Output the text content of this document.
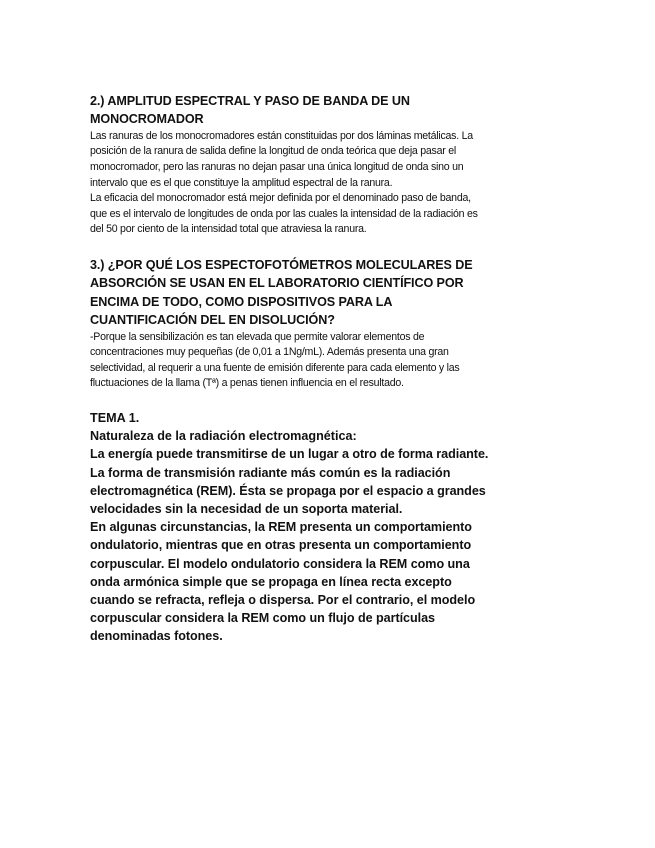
2.) AMPLITUD ESPECTRAL Y PASO DE BANDA DE UN MONOCROMADOR

Las ranuras de los monocromadores están constituidas por dos láminas metálicas. La posición de la ranura de salida define la longitud de onda teórica que deja pasar el monocromador, pero las ranuras no dejan pasar una única longitud de onda sino un intervalo que es el que constituye la amplitud espectral de la ranura.

La eficacia del monocromador está mejor definida por el denominado paso de banda, que es el intervalo de longitudes de onda por las cuales la intensidad de la radiación es del 50 por ciento de la intensidad total que atraviesa la ranura.

3.) ¿POR QUÉ LOS ESPECTOFOTÓMETROS MOLECULARES DE ABSORCIÓN SE USAN EN EL LABORATORIO CIENTÍFICO POR ENCIMA DE TODO, COMO DISPOSITIVOS PARA LA CUANTIFICACIÓN DEL EN DISOLUCIÓN?

-Porque la sensibilización es tan elevada que permite valorar elementos de concentraciones muy pequeñas (de 0,01 a 1Ng/mL). Además presenta una gran selectividad, al requerir a una fuente de emisión diferente para cada elemento y las fluctuaciones de la llama (Tª) a penas tienen influencia en el resultado.

TEMA 1.

Naturaleza de la radiación electromagnética:

La energía puede transmitirse de un lugar a otro de forma radiante. La forma de transmisión radiante más común es la radiación electromagnética (REM). Ésta se propaga por el espacio a grandes velocidades sin la necesidad de un soporta material.

En algunas circunstancias, la REM presenta un comportamiento ondulatorio, mientras que en otras presenta un comportamiento corpuscular. El modelo ondulatorio considera la REM como una onda armónica simple que se propaga en línea recta excepto cuando se refracta, refleja o dispersa. Por el contrario, el modelo corpuscular considera la REM como un flujo de partículas denominadas fotones.
